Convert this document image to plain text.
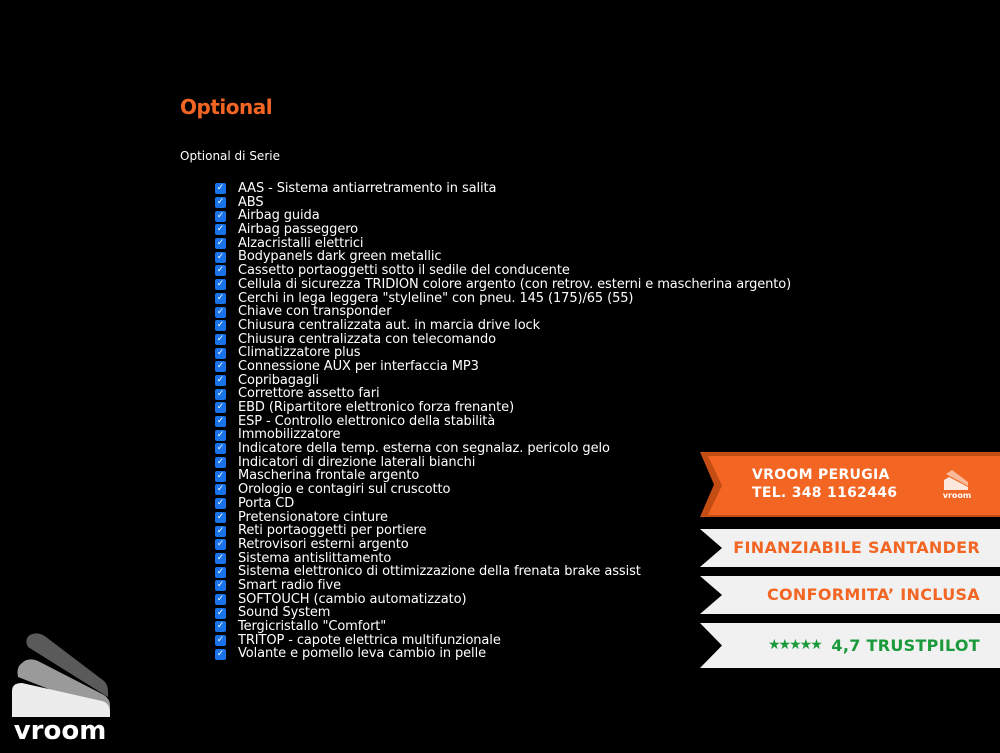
Optional
Optional di Serie
✓ AAS - Sistema antiarretramento in salita
✓ ABS
✓ Airbag guida
✓ Airbag passeggero
✓ Alzacristalli elettrici
✓ Bodypanels dark green metallic
✓ Cassetto portaoggetti sotto il sedile del conducente
✓ Cellula di sicurezza TRIDION colore argento (con retrov. esterni e mascherina argento)
✓ Cerchi in lega leggera "styleline" con pneu. 145 (175)/65 (55)
✓ Chiave con transponder
✓ Chiusura centralizzata aut. in marcia drive lock
✓ Chiusura centralizzata con telecomando
✓ Climatizzatore plus
✓ Connessione AUX per interfaccia MP3
✓ Copribagagli
✓ Correttore assetto fari
✓ EBD (Ripartitore elettronico forza frenante)
✓ ESP - Controllo elettronico della stabilità
✓ Immobilizzatore
✓ Indicatore della temp. esterna con segnalaz. pericolo gelo
✓ Indicatori di direzione laterali bianchi
✓ Mascherina frontale argento
✓ Orologio e contagiri sul cruscotto
✓ Porta CD
✓ Pretensionatore cinture
✓ Reti portaoggetti per portiere
✓ Retrovisori esterni argento
✓ Sistema antislittamento
✓ Sistema elettronico di ottimizzazione della frenata brake assist
✓ Smart radio five
✓ SOFTOUCH (cambio automatizzato)
✓ Sound System
✓ Tergicristallo "Comfort"
✓ TRITOP - capote elettrica multifunzionale
✓ Volante e pomello leva cambio in pelle
VROOM PERUGIA
TEL. 348 1162446	vroom
FINANZIABILE SANTANDER
CONFORMITA’ INCLUSA
★★★★★ 4,7 TRUSTPILOT
vroom
